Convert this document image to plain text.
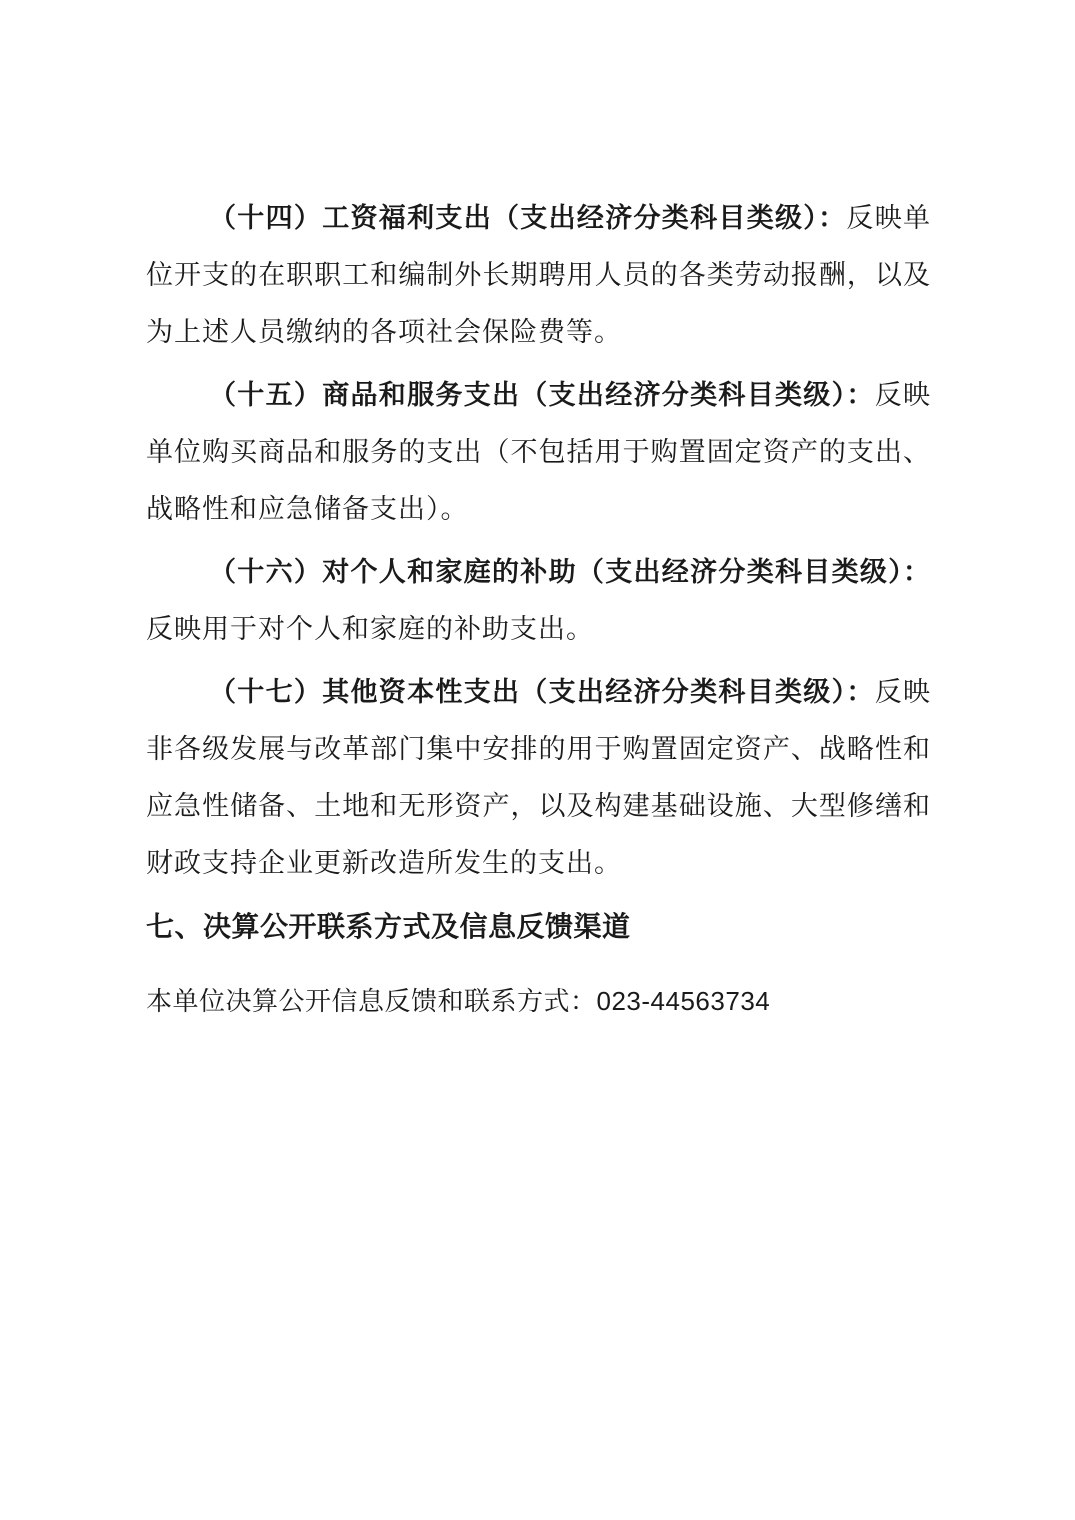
（十四）工资福利支出（支出经济分类科目类级）：反映单位开支的在职职工和编制外长期聘用人员的各类劳动报酬，以及为上述人员缴纳的各项社会保险费等。

（十五）商品和服务支出（支出经济分类科目类级）：反映单位购买商品和服务的支出（不包括用于购置固定资产的支出、战略性和应急储备支出）。

（十六）对个人和家庭的补助（支出经济分类科目类级）：反映用于对个人和家庭的补助支出。

（十七）其他资本性支出（支出经济分类科目类级）：反映非各级发展与改革部门集中安排的用于购置固定资产、战略性和应急性储备、土地和无形资产，以及构建基础设施、大型修缮和财政支持企业更新改造所发生的支出。

七、决算公开联系方式及信息反馈渠道

本单位决算公开信息反馈和联系方式：023-44563734
